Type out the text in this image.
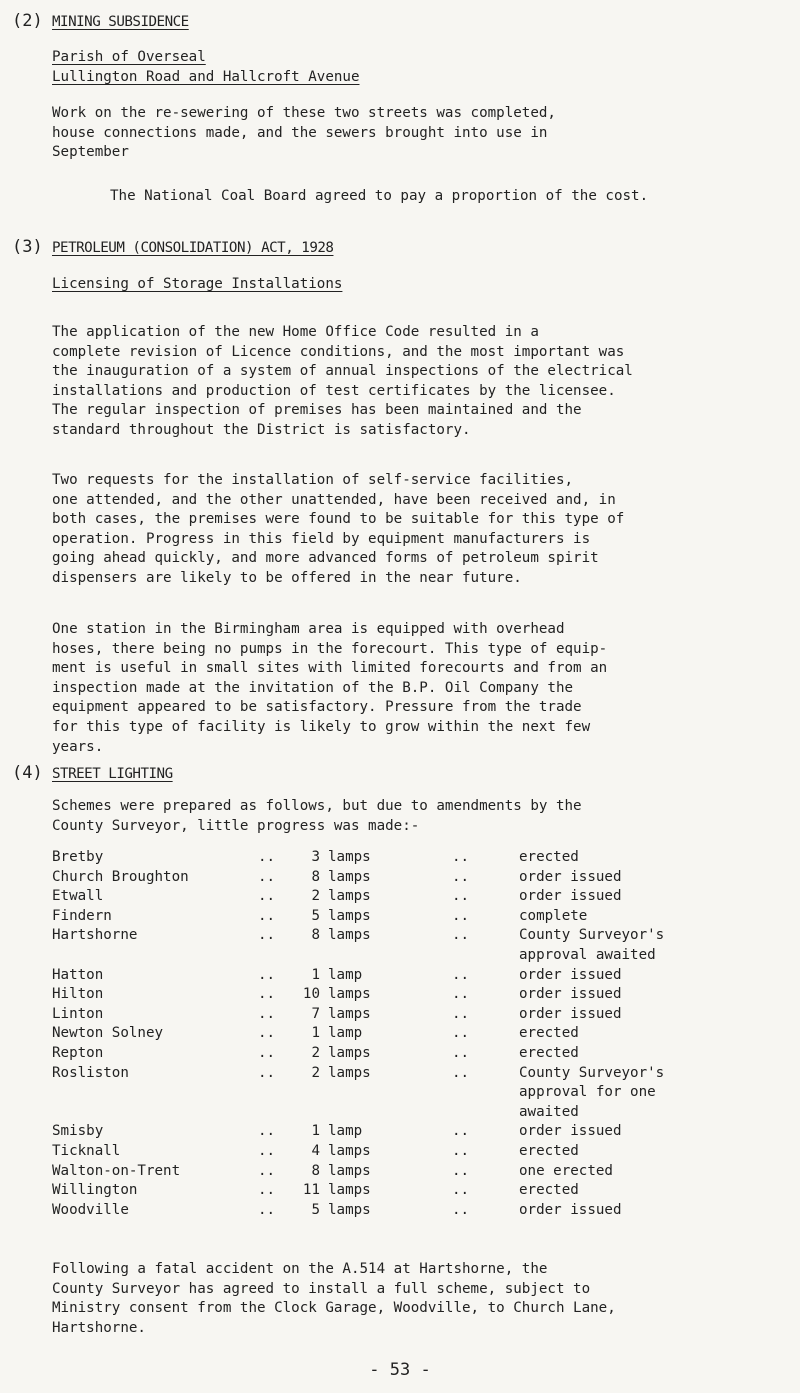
(2) MINING SUBSIDENCE

Parish of Overseal
Lullington Road and Hallcroft Avenue

Work on the re-sewering of these two streets was completed,
house connections made, and the sewers brought into use in
September

The National Coal Board agreed to pay a proportion of the cost.

(3) PETROLEUM (CONSOLIDATION) ACT, 1928
Licensing of Storage Installations

The application of the new Home Office Code resulted in a
complete revision of Licence conditions, and the most important was
the inauguration of a system of annual inspections of the electrical
installations and production of test certificates by the licensee.
The regular inspection of premises has been maintained and the
standard throughout the District is satisfactory.

Two requests for the installation of self-service facilities,
one attended, and the other unattended, have been received and, in
both cases, the premises were found to be suitable for this type of
operation. Progress in this field by equipment manufacturers is
going ahead quickly, and more advanced forms of petroleum spirit
dispensers are likely to be offered in the near future.

One station in the Birmingham area is equipped with overhead
hoses, there being no pumps in the forecourt. This type of equip-
ment is useful in small sites with limited forecourts and from an
inspection made at the invitation of the B.P. Oil Company the
equipment appeared to be satisfactory. Pressure from the trade
for this type of facility is likely to grow within the next few
years.

(4) STREET LIGHTING

Schemes were prepared as follows, but due to amendments by the
County Surveyor, little progress was made:-

Bretby	..	3 lamps	..	erected
Church Broughton	..	8 lamps	..	order issued
Etwall	..	2 lamps	..	order issued
Findern	..	5 lamps	..	complete
Hartshorne	..	8 lamps	..	County Surveyor's
approval awaited
Hatton	..	1 lamp	..	order issued
Hilton	..	10 lamps	..	order issued
Linton	..	7 lamps	..	order issued
Newton Solney	..	1 lamp	..	erected
Repton	..	2 lamps	..	erected
Rosliston	..	2 lamps	..	County Surveyor's
approval for one
awaited
Smisby	..	1 lamp	..	order issued
Ticknall	..	4 lamps	..	erected
Walton-on-Trent	..	8 lamps	..	one erected
Willington	..	11 lamps	..	erected
Woodville	..	5 lamps	..	order issued

Following a fatal accident on the A.514 at Hartshorne, the
County Surveyor has agreed to install a full scheme, subject to
Ministry consent from the Clock Garage, Woodville, to Church Lane,
Hartshorne.

- 53 -
